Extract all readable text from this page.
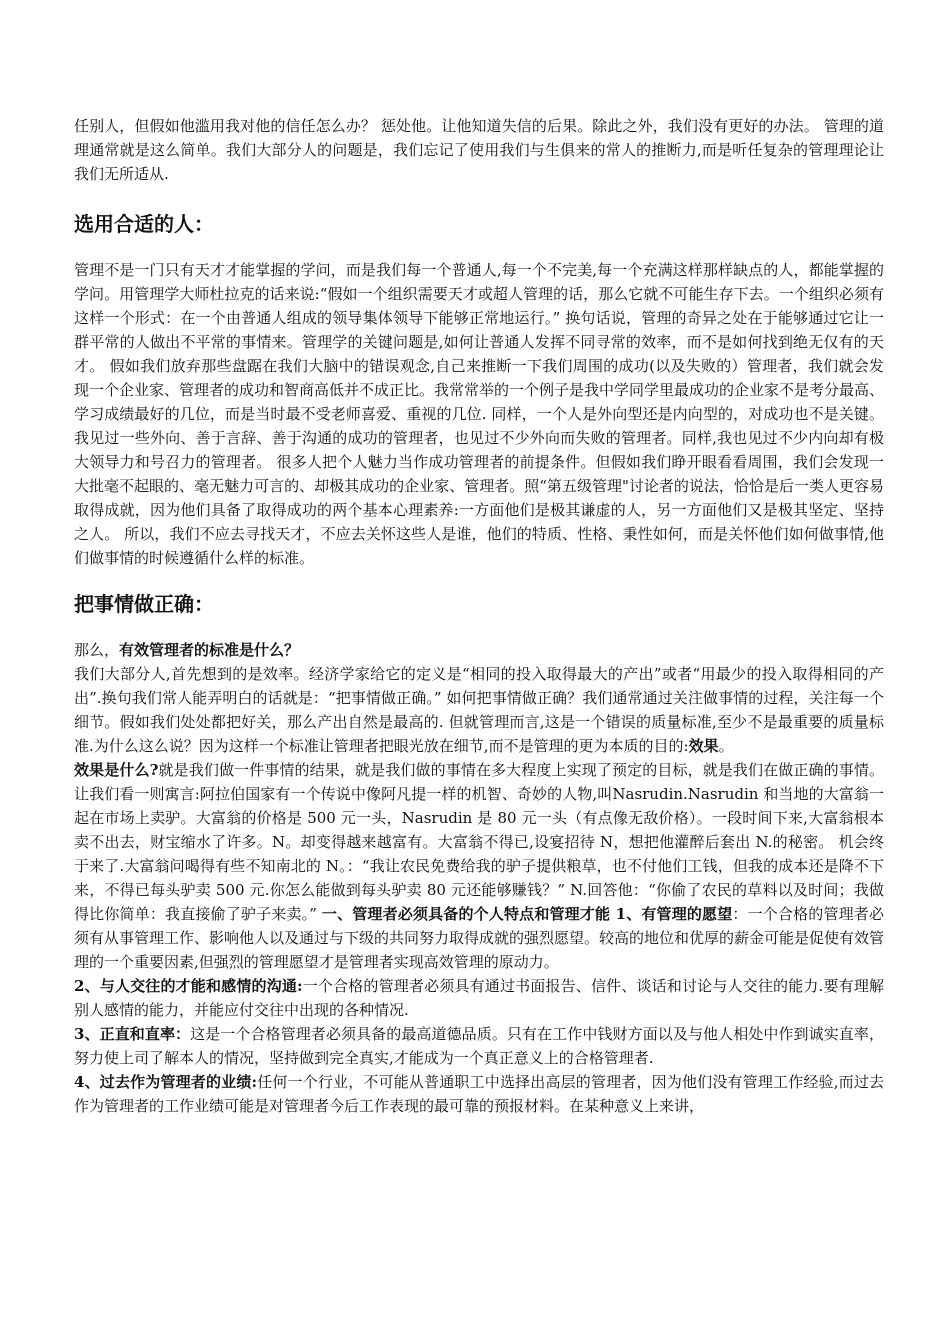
任别人，但假如他滥用我对他的信任怎么办？ 惩处他。让他知道失信的后果。除此之外，我们没有更好的办法。 管理的道理通常就是这么简单。我们大部分人的问题是，我们忘记了使用我们与生俱来的常人的推断力,而是听任复杂的管理理论让我们无所适从.

选用合适的人：

管理不是一门只有天才才能掌握的学问，而是我们每一个普通人,每一个不完美,每一个充满这样那样缺点的人，都能掌握的学问。用管理学大师杜拉克的话来说:“假如一个组织需要天才或超人管理的话，那么它就不可能生存下去。一个组织必须有这样一个形式：在一个由普通人组成的领导集体领导下能够正常地运行。” 换句话说，管理的奇异之处在于能够通过它让一群平常的人做出不平常的事情来。管理学的关键问题是,如何让普通人发挥不同寻常的效率，而不是如何找到绝无仅有的天才。 假如我们放弃那些盘踞在我们大脑中的错误观念,自己来推断一下我们周围的成功(以及失败的）管理者，我们就会发现一个企业家、管理者的成功和智商高低并不成正比。我常常举的一个例子是我中学同学里最成功的企业家不是考分最高、学习成绩最好的几位，而是当时最不受老师喜爱、重视的几位. 同样，一个人是外向型还是内向型的，对成功也不是关键。我见过一些外向、善于言辞、善于沟通的成功的管理者，也见过不少外向而失败的管理者。同样,我也见过不少内向却有极大领导力和号召力的管理者。 很多人把个人魅力当作成功管理者的前提条件。但假如我们睁开眼看看周围，我们会发现一大批毫不起眼的、毫无魅力可言的、却极其成功的企业家、管理者。照“第五级管理"讨论者的说法，恰恰是后一类人更容易取得成就，因为他们具备了取得成功的两个基本心理素养:一方面他们是极其谦虚的人，另一方面他们又是极其坚定、坚持之人。 所以，我们不应去寻找天才，不应去关怀这些人是谁，他们的特质、性格、秉性如何，而是关怀他们如何做事情,他们做事情的时候遵循什么样的标准。

把事情做正确：

那么，有效管理者的标准是什么？

我们大部分人,首先想到的是效率。经济学家给它的定义是“相同的投入取得最大的产出”或者“用最少的投入取得相同的产出”.换句我们常人能弄明白的话就是：“把事情做正确。” 如何把事情做正确？我们通常通过关注做事情的过程，关注每一个细节。假如我们处处都把好关，那么产出自然是最高的. 但就管理而言,这是一个错误的质量标准,至少不是最重要的质量标准.为什么这么说？因为这样一个标准让管理者把眼光放在细节,而不是管理的更为本质的目的:效果。

效果是什么?就是我们做一件事情的结果，就是我们做的事情在多大程度上实现了预定的目标，就是我们在做正确的事情。 让我们看一则寓言:阿拉伯国家有一个传说中像阿凡提一样的机智、奇妙的人物,叫Nasrudin.Nasrudin 和当地的大富翁一起在市场上卖驴。大富翁的价格是 500 元一头，Nasrudin 是 80 元一头（有点像无敌价格）。一段时间下来,大富翁根本卖不出去，财宝缩水了许多。N。却变得越来越富有。大富翁不得已,设宴招待 N，想把他灌醉后套出 N.的秘密。 机会终于来了.大富翁问喝得有些不知南北的 N。：“我让农民免费给我的驴子提供粮草，也不付他们工钱，但我的成本还是降不下来，不得已每头驴卖 500 元.你怎么能做到每头驴卖 80 元还能够赚钱？” N.回答他：“你偷了农民的草料以及时间；我做得比你简单：我直接偷了驴子来卖。” 一、管理者必须具备的个人特点和管理才能 1、有管理的愿望：一个合格的管理者必须有从事管理工作、影响他人以及通过与下级的共同努力取得成就的强烈愿望。较高的地位和优厚的薪金可能是促使有效管理的一个重要因素,但强烈的管理愿望才是管理者实现高效管理的原动力。

2、与人交往的才能和感情的沟通:一个合格的管理者必须具有通过书面报告、信件、谈话和讨论与人交往的能力.要有理解别人感情的能力，并能应付交往中出现的各种情况.

3、正直和直率：这是一个合格管理者必须具备的最高道德品质。只有在工作中钱财方面以及与他人相处中作到诚实直率，努力使上司了解本人的情况，坚持做到完全真实,才能成为一个真正意义上的合格管理者.

4、过去作为管理者的业绩:任何一个行业，不可能从普通职工中选择出高层的管理者，因为他们没有管理工作经验,而过去作为管理者的工作业绩可能是对管理者今后工作表现的最可靠的预报材料。在某种意义上来讲，
